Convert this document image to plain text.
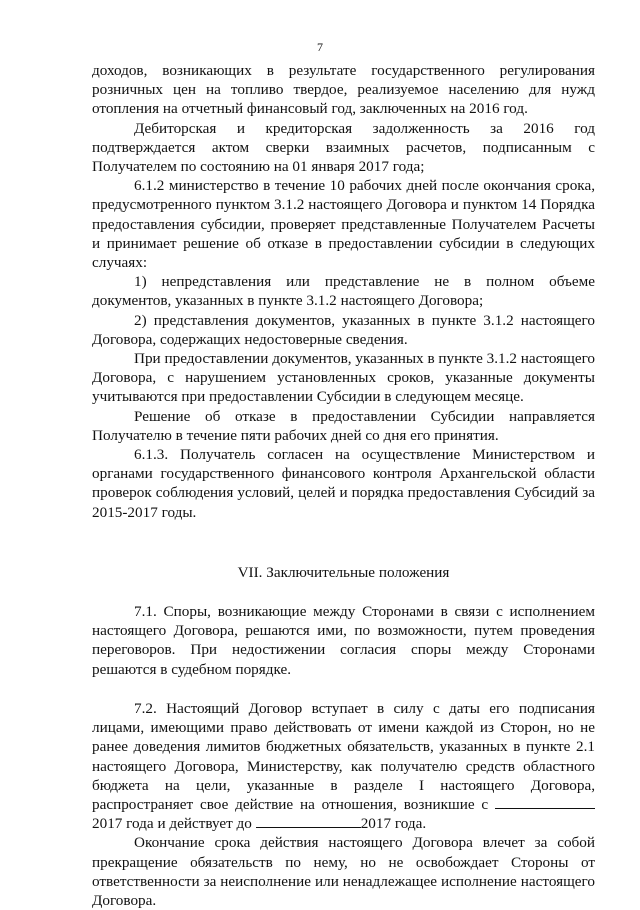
7

доходов, возникающих в результате государственного регулирования розничных цен на топливо твердое, реализуемое населению для нужд отопления на отчетный финансовый год, заключенных на 2016 год.

Дебиторская и кредиторская задолженность за 2016 год подтверждается актом сверки взаимных расчетов, подписанным с Получателем по состоянию на 01 января 2017 года;

6.1.2 министерство в течение 10 рабочих дней после окончания срока, предусмотренного пунктом 3.1.2 настоящего Договора и пунктом 14 Порядка предоставления субсидии, проверяет представленные Получателем Расчеты и принимает решение об отказе в предоставлении субсидии в следующих случаях:

1) непредставления или представление не в полном объеме документов, указанных в пункте 3.1.2 настоящего Договора;

2) представления документов, указанных в пункте 3.1.2 настоящего Договора, содержащих недостоверные сведения.

При предоставлении документов, указанных в пункте 3.1.2 настоящего Договора, с нарушением установленных сроков, указанные документы учитываются при предоставлении Субсидии в следующем месяце.

Решение об отказе в предоставлении Субсидии направляется Получателю в течение пяти рабочих дней со дня его принятия.

6.1.3. Получатель согласен на осуществление Министерством и органами государственного финансового контроля Архангельской области проверок соблюдения условий, целей и порядка предоставления Субсидий за 2015-2017 годы.

VII. Заключительные положения

7.1. Споры, возникающие между Сторонами в связи с исполнением настоящего Договора, решаются ими, по возможности, путем проведения переговоров. При недостижении согласия споры между Сторонами решаются в судебном порядке.

7.2. Настоящий Договор вступает в силу с даты его подписания лицами, имеющими право действовать от имени каждой из Сторон, но не ранее доведения лимитов бюджетных обязательств, указанных в пункте 2.1 настоящего Договора, Министерству, как получателю средств областного бюджета на цели, указанные в разделе I настоящего Договора, распространяет свое действие на отношения, возникшие с 2017 года и действует до	2017 года.

Окончание срока действия настоящего Договора влечет за собой прекращение обязательств по нему, но не освобождает Стороны от ответственности за неисполнение или ненадлежащее исполнение настоящего Договора.
